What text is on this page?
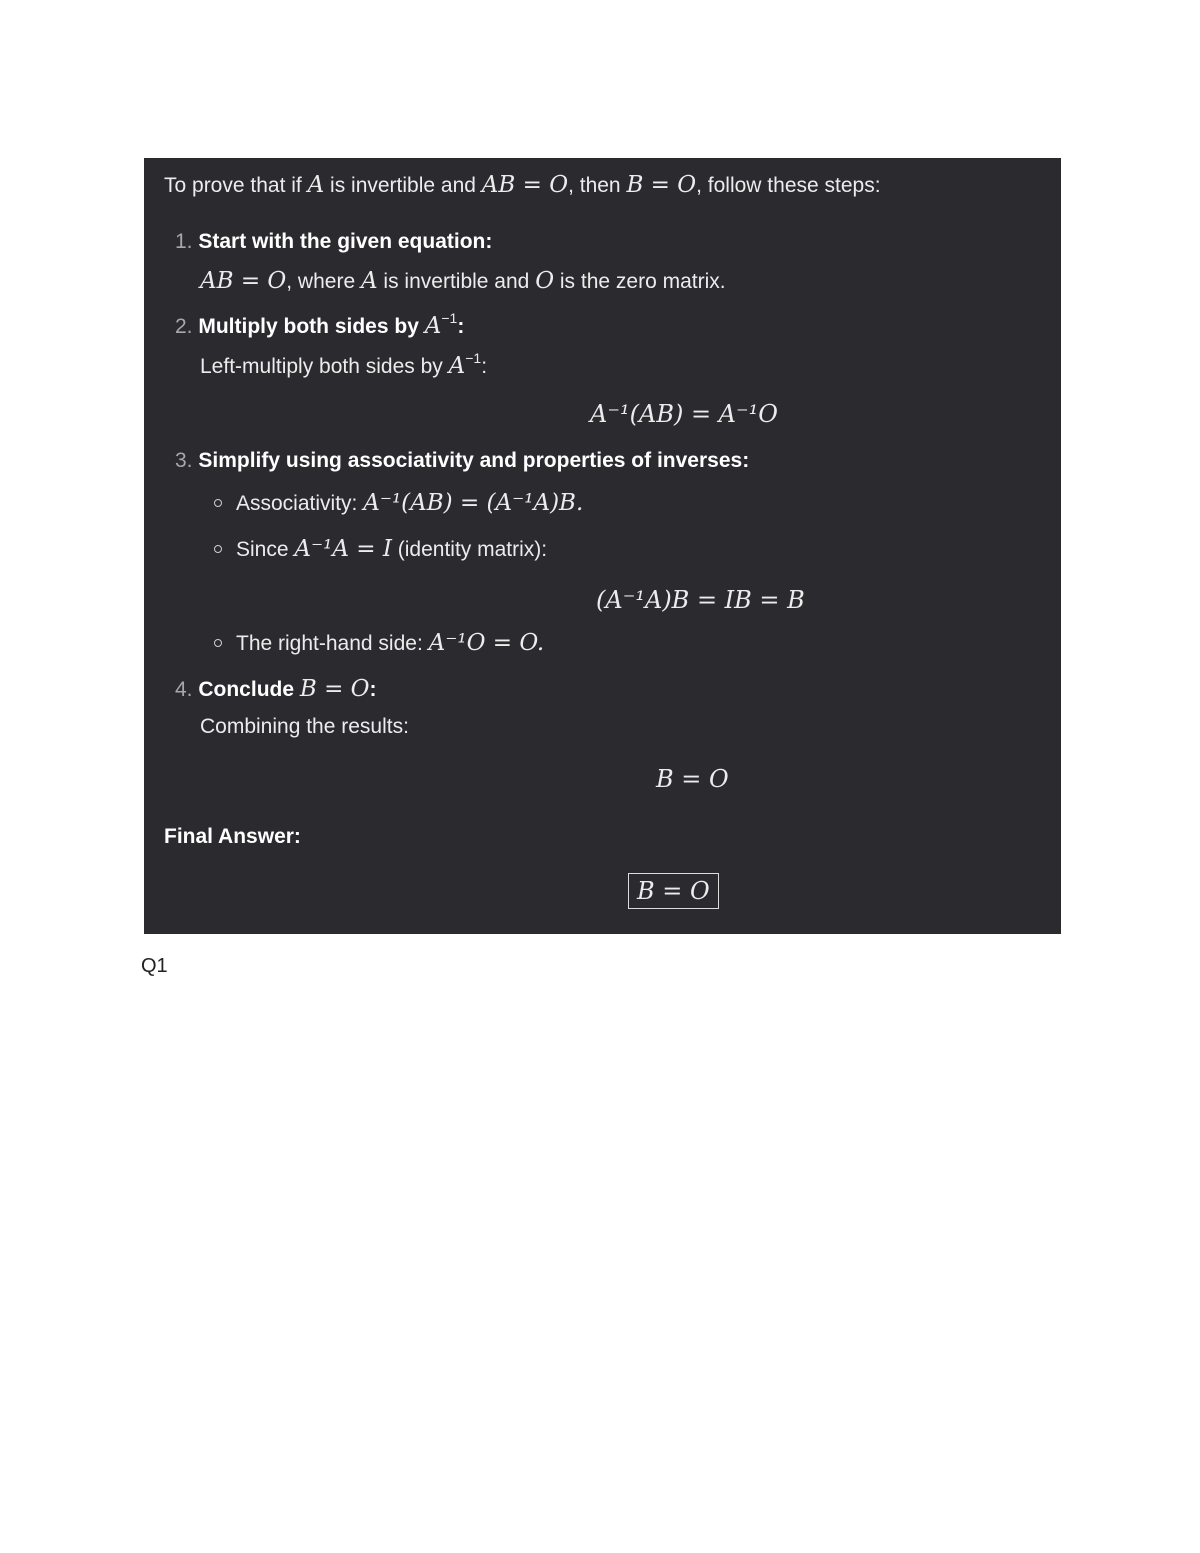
To prove that if A is invertible and AB = O, then B = O, follow these steps:
1. Start with the given equation:
AB = O, where A is invertible and O is the zero matrix.
2. Multiply both sides by $A^{-1}$:
Left-multiply both sides by $A^{-1}$:
A⁻¹(AB) = A⁻¹O
3. Simplify using associativity and properties of inverses:
Associativity: A⁻¹(AB) = (A⁻¹A)B.
Since A⁻¹A = I (identity matrix):
(A⁻¹A)B = IB = B
The right-hand side: A⁻¹O = O.
4. Conclude B = O:
Combining the results:
B = O
Final Answer:
B = O
Q1
